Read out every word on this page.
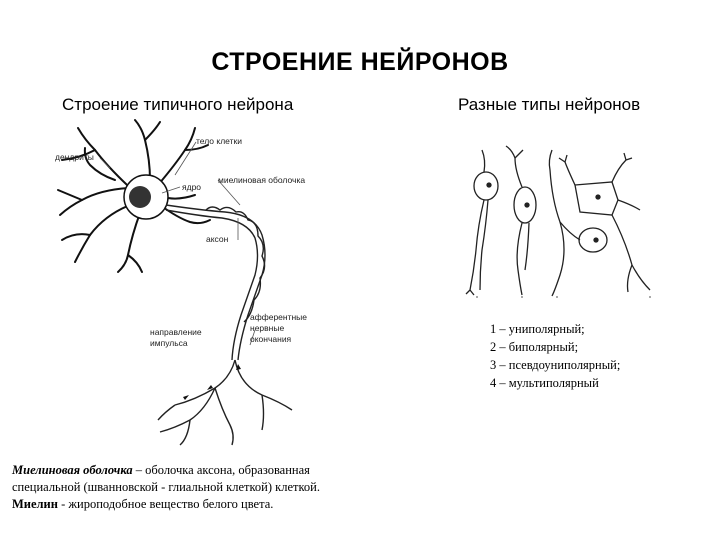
СТРОЕНИЕ НЕЙРОНОВ
Строение типичного нейрона	Разные типы нейронов
тело клетки
дендриты
ядро
миелиновая оболочка
аксон
направление
импульса
афферентные
нервные
окончания
1 – униполярный;
2 – биполярный;
3 – псевдоуниполярный;
4 – мультиполярный
Миелиновая оболочка – оболочка аксона, образованная специальной (шванновской - глиальной клеткой) клеткой.
Миелин - жироподобное вещество белого цвета.
